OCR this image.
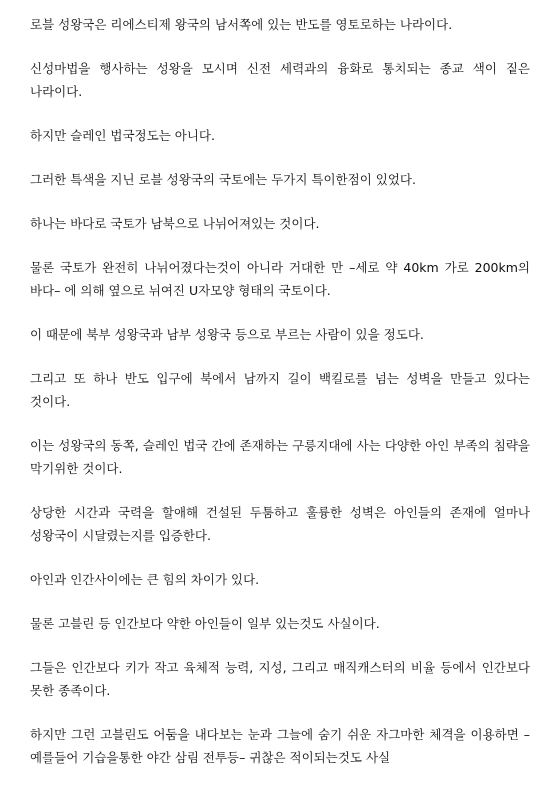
로블 성왕국은 리에스티제 왕국의 남서쪽에 있는 반도를 영토로하는 나라이다.

신성마법을 행사하는 성왕을 모시며 신전 세력과의 융화로 통치되는 종교 색이 짙은 나라이다.

하지만 슬레인 법국정도는 아니다.

그러한 특색을 지닌 로블 성왕국의 국토에는 두가지 특이한점이 있었다.

하나는 바다로 국토가 남북으로 나뉘어져있는 것이다.

물론 국토가 완전히 나뉘어졌다는것이 아니라 거대한 만 –세로 약 40km 가로 200km의 바다– 에 의해 옆으로 뉘여진 U자모양 형태의 국토이다.

이 때문에 북부 성왕국과 남부 성왕국 등으로 부르는 사람이 있을 정도다.

그리고 또 하나 반도 입구에 북에서 남까지 길이 백킬로를 넘는 성벽을 만들고 있다는 것이다.

이는 성왕국의 동쪽, 슬레인 법국 간에 존재하는 구릉지대에 사는 다양한 아인 부족의 침략을 막기위한 것이다.

상당한 시간과 국력을 할애해 건설된 두툼하고 훌륭한 성벽은 아인들의 존재에 얼마나 성왕국이 시달렸는지를 입증한다.

아인과 인간사이에는 큰 힘의 차이가 있다.

물론 고블린 등 인간보다 약한 아인들이 일부 있는것도 사실이다.

그들은 인간보다 키가 작고 육체적 능력, 지성, 그리고 매직캐스터의 비율 등에서 인간보다 못한 종족이다.

하지만 그런 고블린도 어둠을 내다보는 눈과 그늘에 숨기 쉬운 자그마한 체격을 이용하면 –예를들어 기습을통한 야간 삼림 전투등– 귀찮은 적이되는것도 사실
